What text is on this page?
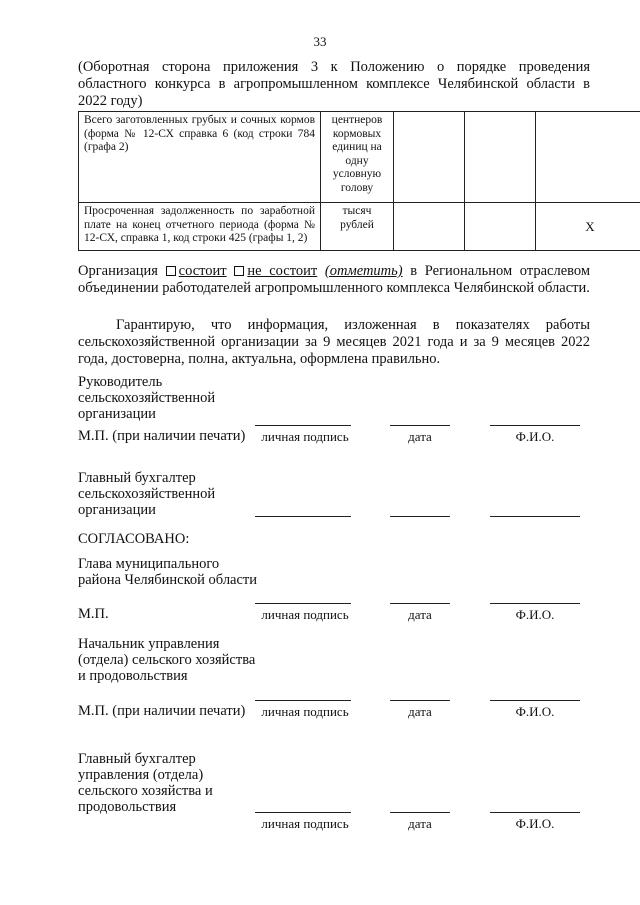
33
(Оборотная сторона приложения 3 к Положению о порядке проведения областного конкурса в агропромышленном комплексе Челябинской области в 2022 году)
Всего заготовленных грубых и сочных кормов (форма № 12-СХ справка 6 (код строки 784 (графа 2)	центнеров кормовых единиц на одну условную голову			
Просроченная задолженность по заработной плате на конец отчетного периода (форма № 12-СХ, справка 1, код строки 425 (графы 1, 2)	тысяч рублей			Х
Организация состоит не состоит (отметить) в Региональном отраслевом объединении работодателей агропромышленного комплекса Челябинской области.
Гарантирую, что информация, изложенная в показателях работы сельскохозяйственной организации за 9 месяцев 2021 года и за 9 месяцев 2022 года, достоверна, полна, актуальна, оформлена правильно.
Руководитель сельскохозяйственной организации
М.П. (при наличии печати)	личная подпись	дата	Ф.И.О.
Главный бухгалтер сельскохозяйственной организации
СОГЛАСОВАНО:
Глава муниципального района Челябинской области
М.П.	личная подпись	дата	Ф.И.О.
Начальник управления (отдела) сельского хозяйства и продовольствия
М.П. (при наличии печати)	личная подпись	дата	Ф.И.О.
Главный бухгалтер управления (отдела) сельского хозяйства и продовольствия
личная подпись	дата	Ф.И.О.
